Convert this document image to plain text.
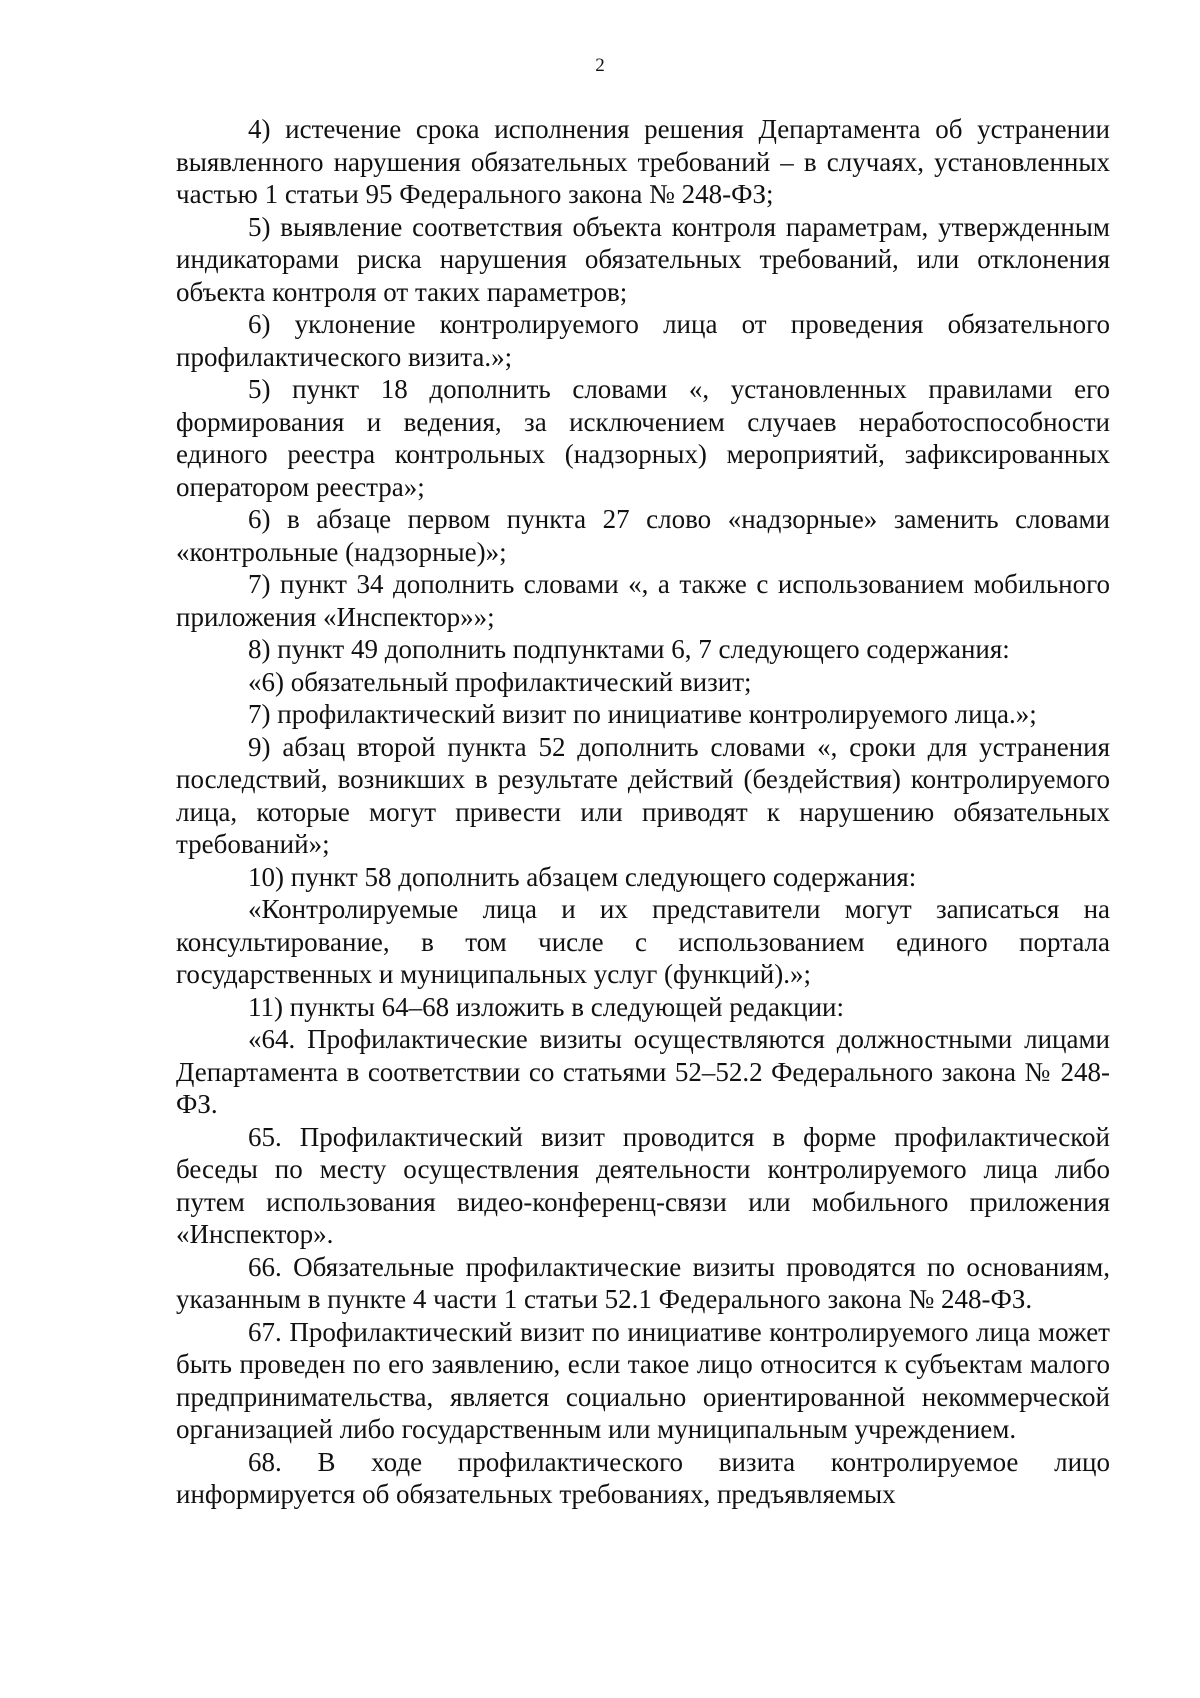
2

4) истечение срока исполнения решения Департамента об устранении выявленного нарушения обязательных требований – в случаях, установленных частью 1 статьи 95 Федерального закона № 248-ФЗ;

5) выявление соответствия объекта контроля параметрам, утвержденным индикаторами риска нарушения обязательных требований, или отклонения объекта контроля от таких параметров;

6) уклонение контролируемого лица от проведения обязательного профилактического визита.»;

5) пункт 18 дополнить словами «, установленных правилами его формирования и ведения, за исключением случаев неработоспособности единого реестра контрольных (надзорных) мероприятий, зафиксированных оператором реестра»;

6) в абзаце первом пункта 27 слово «надзорные» заменить словами «контрольные (надзорные)»;

7) пункт 34 дополнить словами «, а также с использованием мобильного приложения «Инспектор»»;

8) пункт 49 дополнить подпунктами 6, 7 следующего содержания:

«6) обязательный профилактический визит;

7) профилактический визит по инициативе контролируемого лица.»;

9) абзац второй пункта 52 дополнить словами «, сроки для устранения последствий, возникших в результате действий (бездействия) контролируемого лица, которые могут привести или приводят к нарушению обязательных требований»;

10) пункт 58 дополнить абзацем следующего содержания:

«Контролируемые лица и их представители могут записаться на консультирование, в том числе с использованием единого портала государственных и муниципальных услуг (функций).»;

11) пункты 64–68 изложить в следующей редакции:

«64. Профилактические визиты осуществляются должностными лицами Департамента в соответствии со статьями 52–52.2 Федерального закона № 248-ФЗ.

65. Профилактический визит проводится в форме профилактической беседы по месту осуществления деятельности контролируемого лица либо путем использования видео-конференц-связи или мобильного приложения «Инспектор».

66. Обязательные профилактические визиты проводятся по основаниям, указанным в пункте 4 части 1 статьи 52.1 Федерального закона № 248-ФЗ.

67. Профилактический визит по инициативе контролируемого лица может быть проведен по его заявлению, если такое лицо относится к субъектам малого предпринимательства, является социально ориентированной некоммерческой организацией либо государственным или муниципальным учреждением.

68. В ходе профилактического визита контролируемое лицо информируется об обязательных требованиях, предъявляемых
